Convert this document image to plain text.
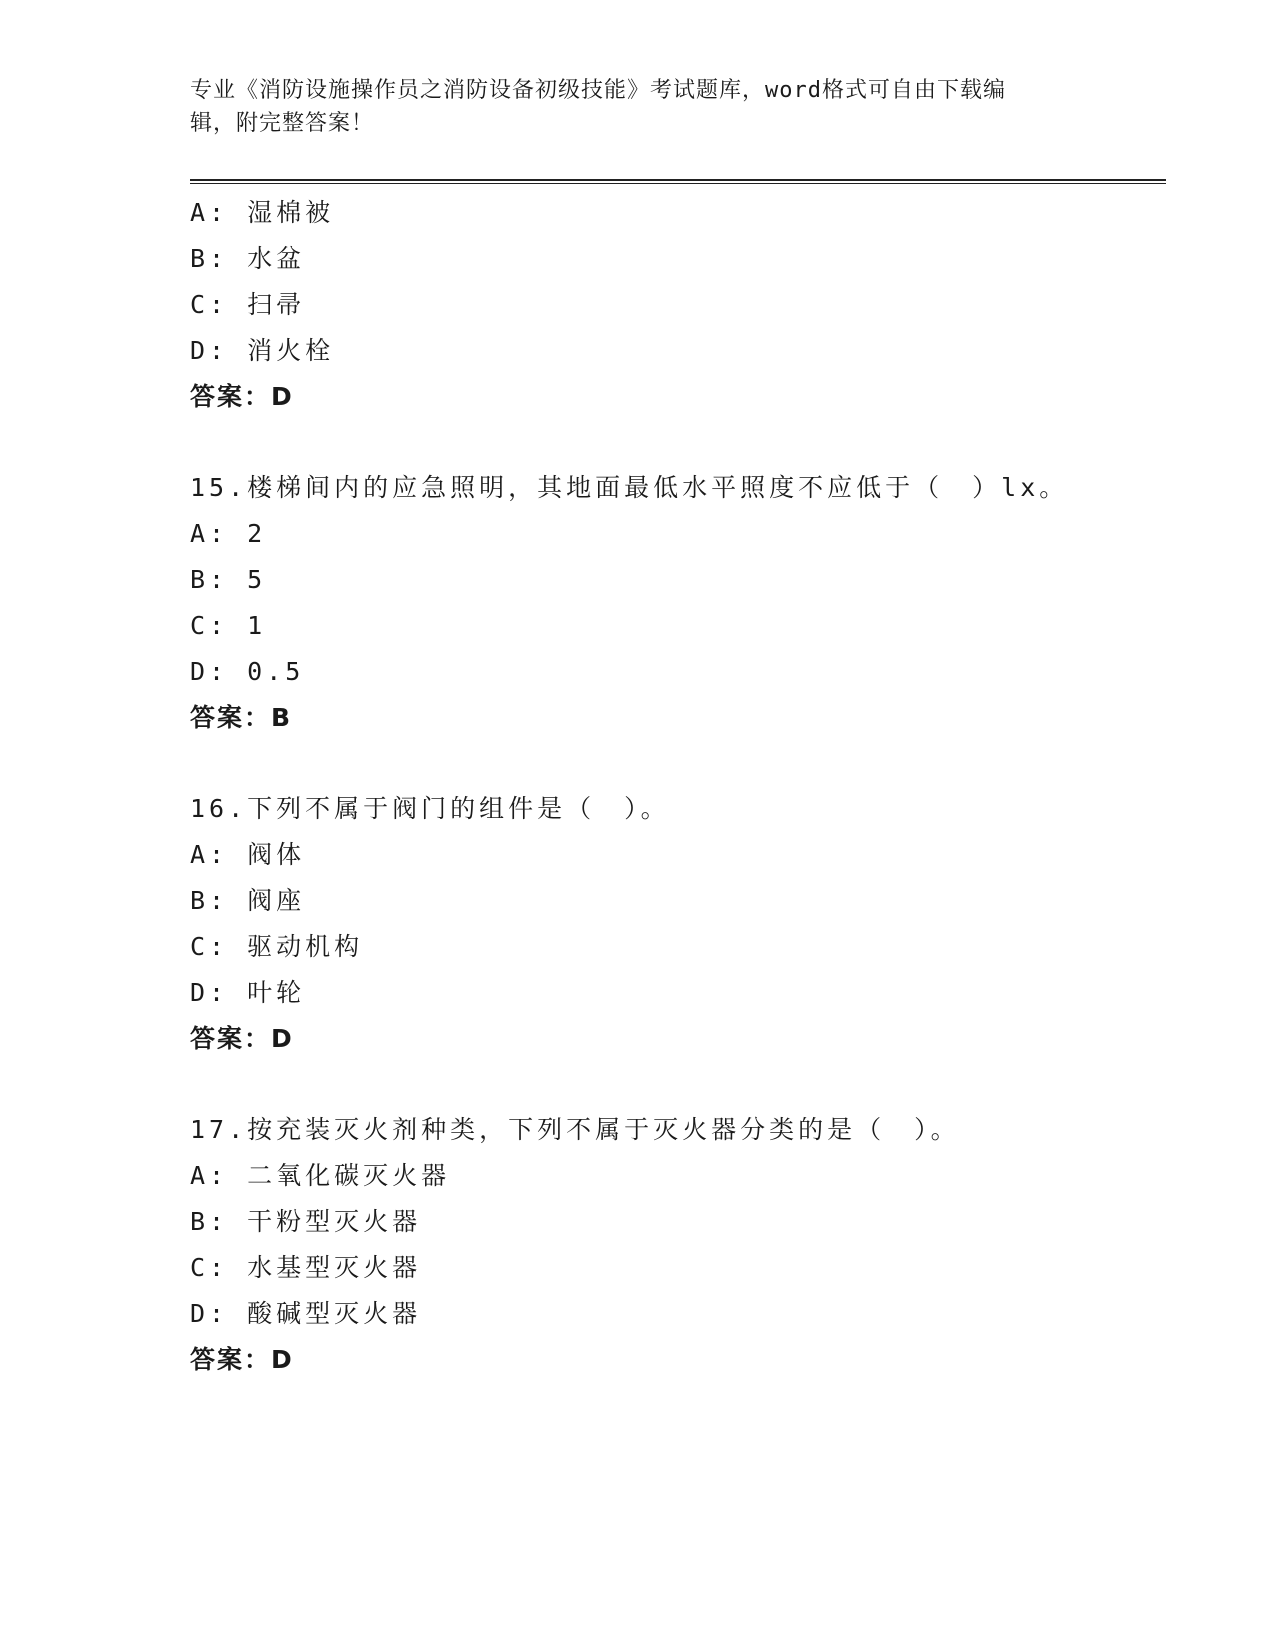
专业《消防设施操作员之消防设备初级技能》考试题库，word格式可自由下载编
辑，附完整答案！
A: 湿棉被
B: 水盆
C: 扫帚
D: 消火栓
答案：D
15.楼梯间内的应急照明，其地面最低水平照度不应低于（　）lx。
A: 2
B: 5
C: 1
D: 0.5
答案：B
16.下列不属于阀门的组件是（　）。
A: 阀体
B: 阀座
C: 驱动机构
D: 叶轮
答案：D
17.按充装灭火剂种类，下列不属于灭火器分类的是（　）。
A: 二氧化碳灭火器
B: 干粉型灭火器
C: 水基型灭火器
D: 酸碱型灭火器
答案：D
